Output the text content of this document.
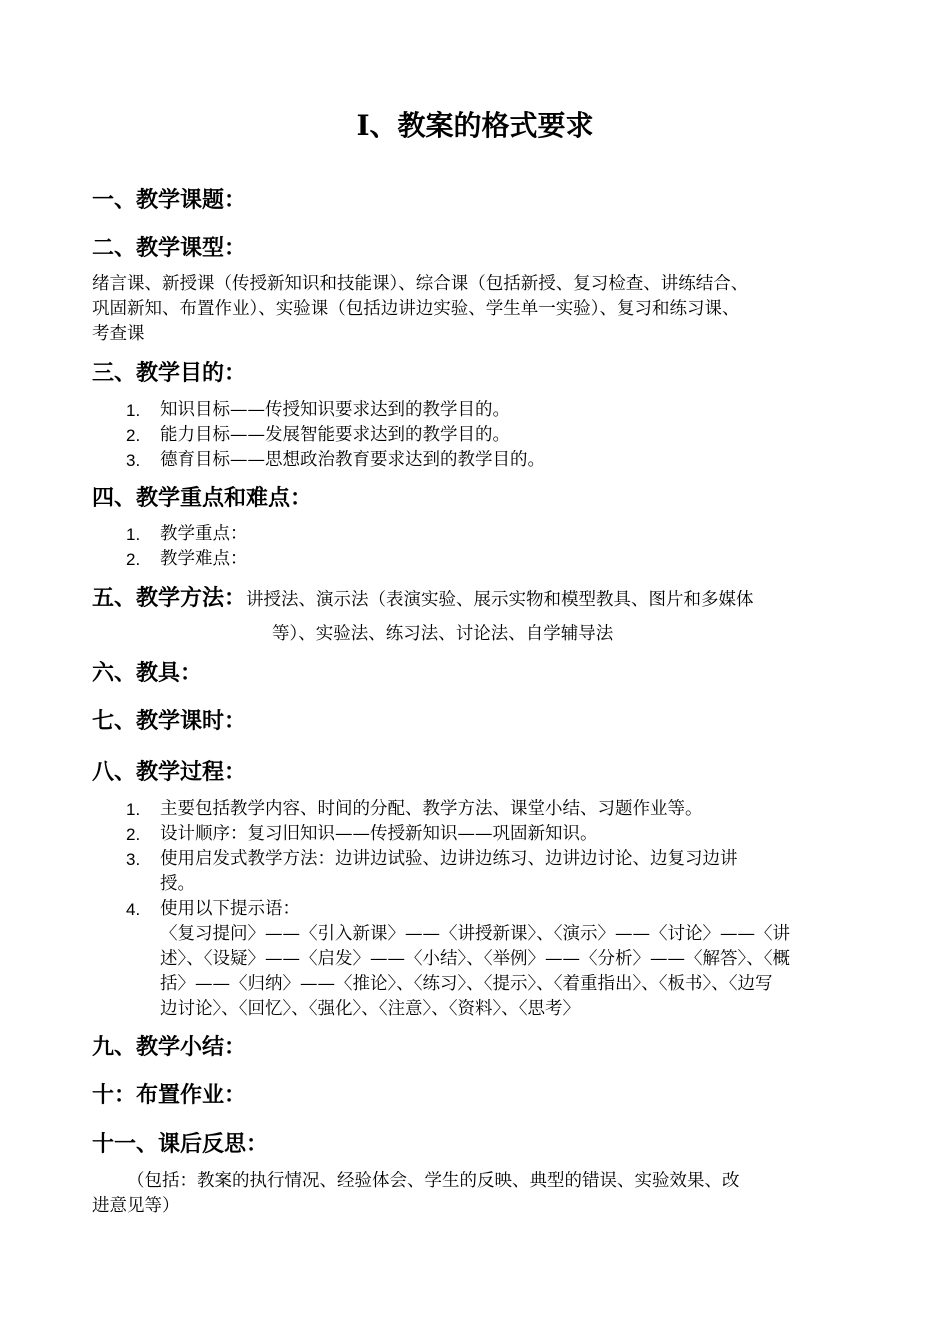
Ⅰ、教案的格式要求
一、教学课题：
二、教学课型：
绪言课、新授课（传授新知识和技能课）、综合课（包括新授、复习检查、讲练结合、
巩固新知、布置作业）、实验课（包括边讲边实验、学生单一实验）、复习和练习课、
考查课
三、教学目的：
1. 知识目标——传授知识要求达到的教学目的。
2. 能力目标——发展智能要求达到的教学目的。
3. 德育目标——思想政治教育要求达到的教学目的。
四、教学重点和难点：
1. 教学重点：
2. 教学难点：
五、教学方法：讲授法、演示法（表演实验、展示实物和模型教具、图片和多媒体
等）、实验法、练习法、讨论法、自学辅导法
六、教具：
七、教学课时：
八、教学过程：
1. 主要包括教学内容、时间的分配、教学方法、课堂小结、习题作业等。
2. 设计顺序：复习旧知识——传授新知识——巩固新知识。
3. 使用启发式教学方法：边讲边试验、边讲边练习、边讲边讨论、边复习边讲
授。
4. 使用以下提示语：
〈复习提问〉——〈引入新课〉——〈讲授新课〉、〈演示〉——〈讨论〉——〈讲
述〉、〈设疑〉——〈启发〉——〈小结〉、〈举例〉——〈分析〉——〈解答〉、〈概
括〉——〈归纳〉——〈推论〉、〈练习〉、〈提示〉、〈着重指出〉、〈板书〉、〈边写
边讨论〉、〈回忆〉、〈强化〉、〈注意〉、〈资料〉、〈思考〉
九、教学小结：
十：布置作业：
十一、课后反思：
（包括：教案的执行情况、经验体会、学生的反映、典型的错误、实验效果、改
进意见等）
